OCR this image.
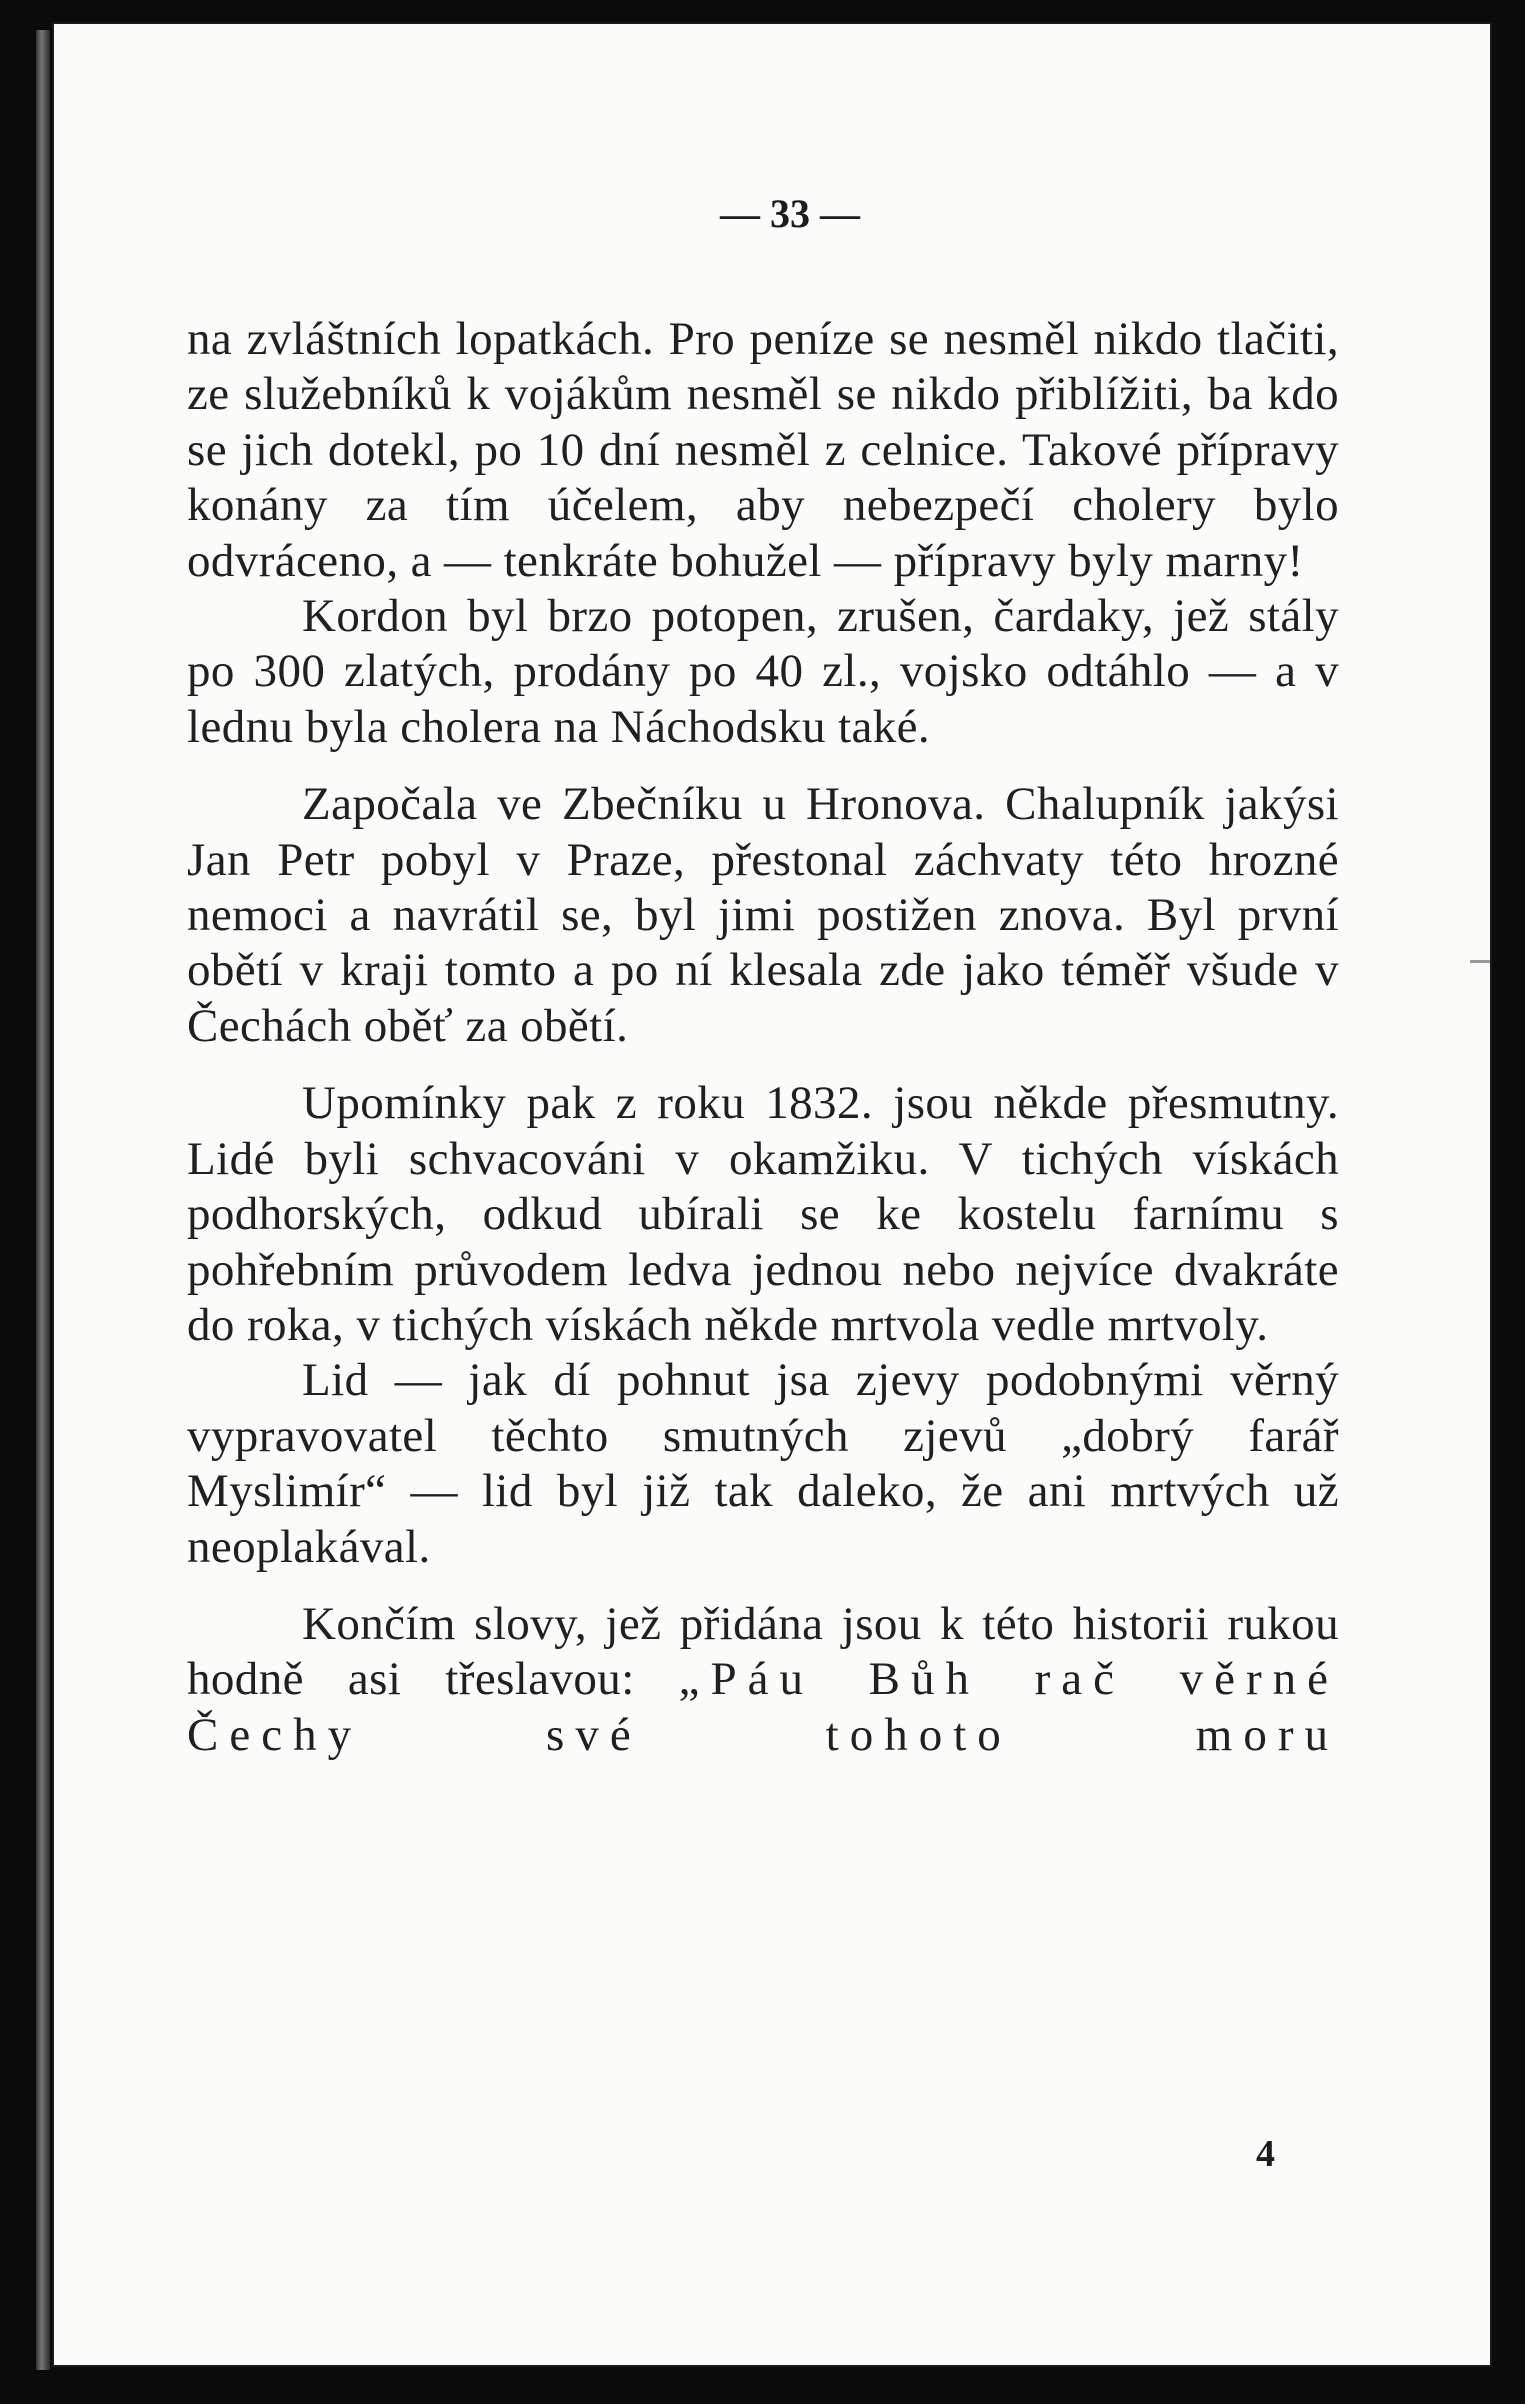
— 33 —

na zvláštních lopatkách. Pro peníze se nesměl nikdo tlačiti, ze služebníků k vojákům nesměl se nikdo přiblížiti, ba kdo se jich dotekl, po 10 dní nesměl z celnice. Takové přípravy konány za tím účelem, aby nebezpečí cholery bylo odvráceno, a — tenkráte bohužel — přípravy byly marny!

Kordon byl brzo potopen, zrušen, čardaky, jež stály po 300 zlatých, prodány po 40 zl., vojsko odtáhlo — a v lednu byla cholera na Náchodsku také.

Započala ve Zbečníku u Hronova. Chalupník jakýsi Jan Petr pobyl v Praze, přestonal záchvaty této hrozné nemoci a navrátil se, byl jimi postižen znova. Byl první obětí v kraji tomto a po ní klesala zde jako téměř všude v Čechách oběť za obětí.

Upomínky pak z roku 1832. jsou někde přesmutny. Lidé byli schvacováni v okamžiku. V tichých vískách podhorských, odkud ubírali se ke kostelu farnímu s pohřebním průvodem ledva jednou nebo nejvíce dvakráte do roka, v tichých vískách někde mrtvola vedle mrtvoly.

Lid — jak dí pohnut jsa zjevy podobnými věrný vypravovatel těchto smutných zjevů „dobrý farář Myslimír“ — lid byl již tak daleko, že ani mrtvých už neoplakával.

Končím slovy, jež přidána jsou k této historii rukou hodně asi třeslavou: „Páu Bůh rač věrné Čechy své tohoto moru

4
